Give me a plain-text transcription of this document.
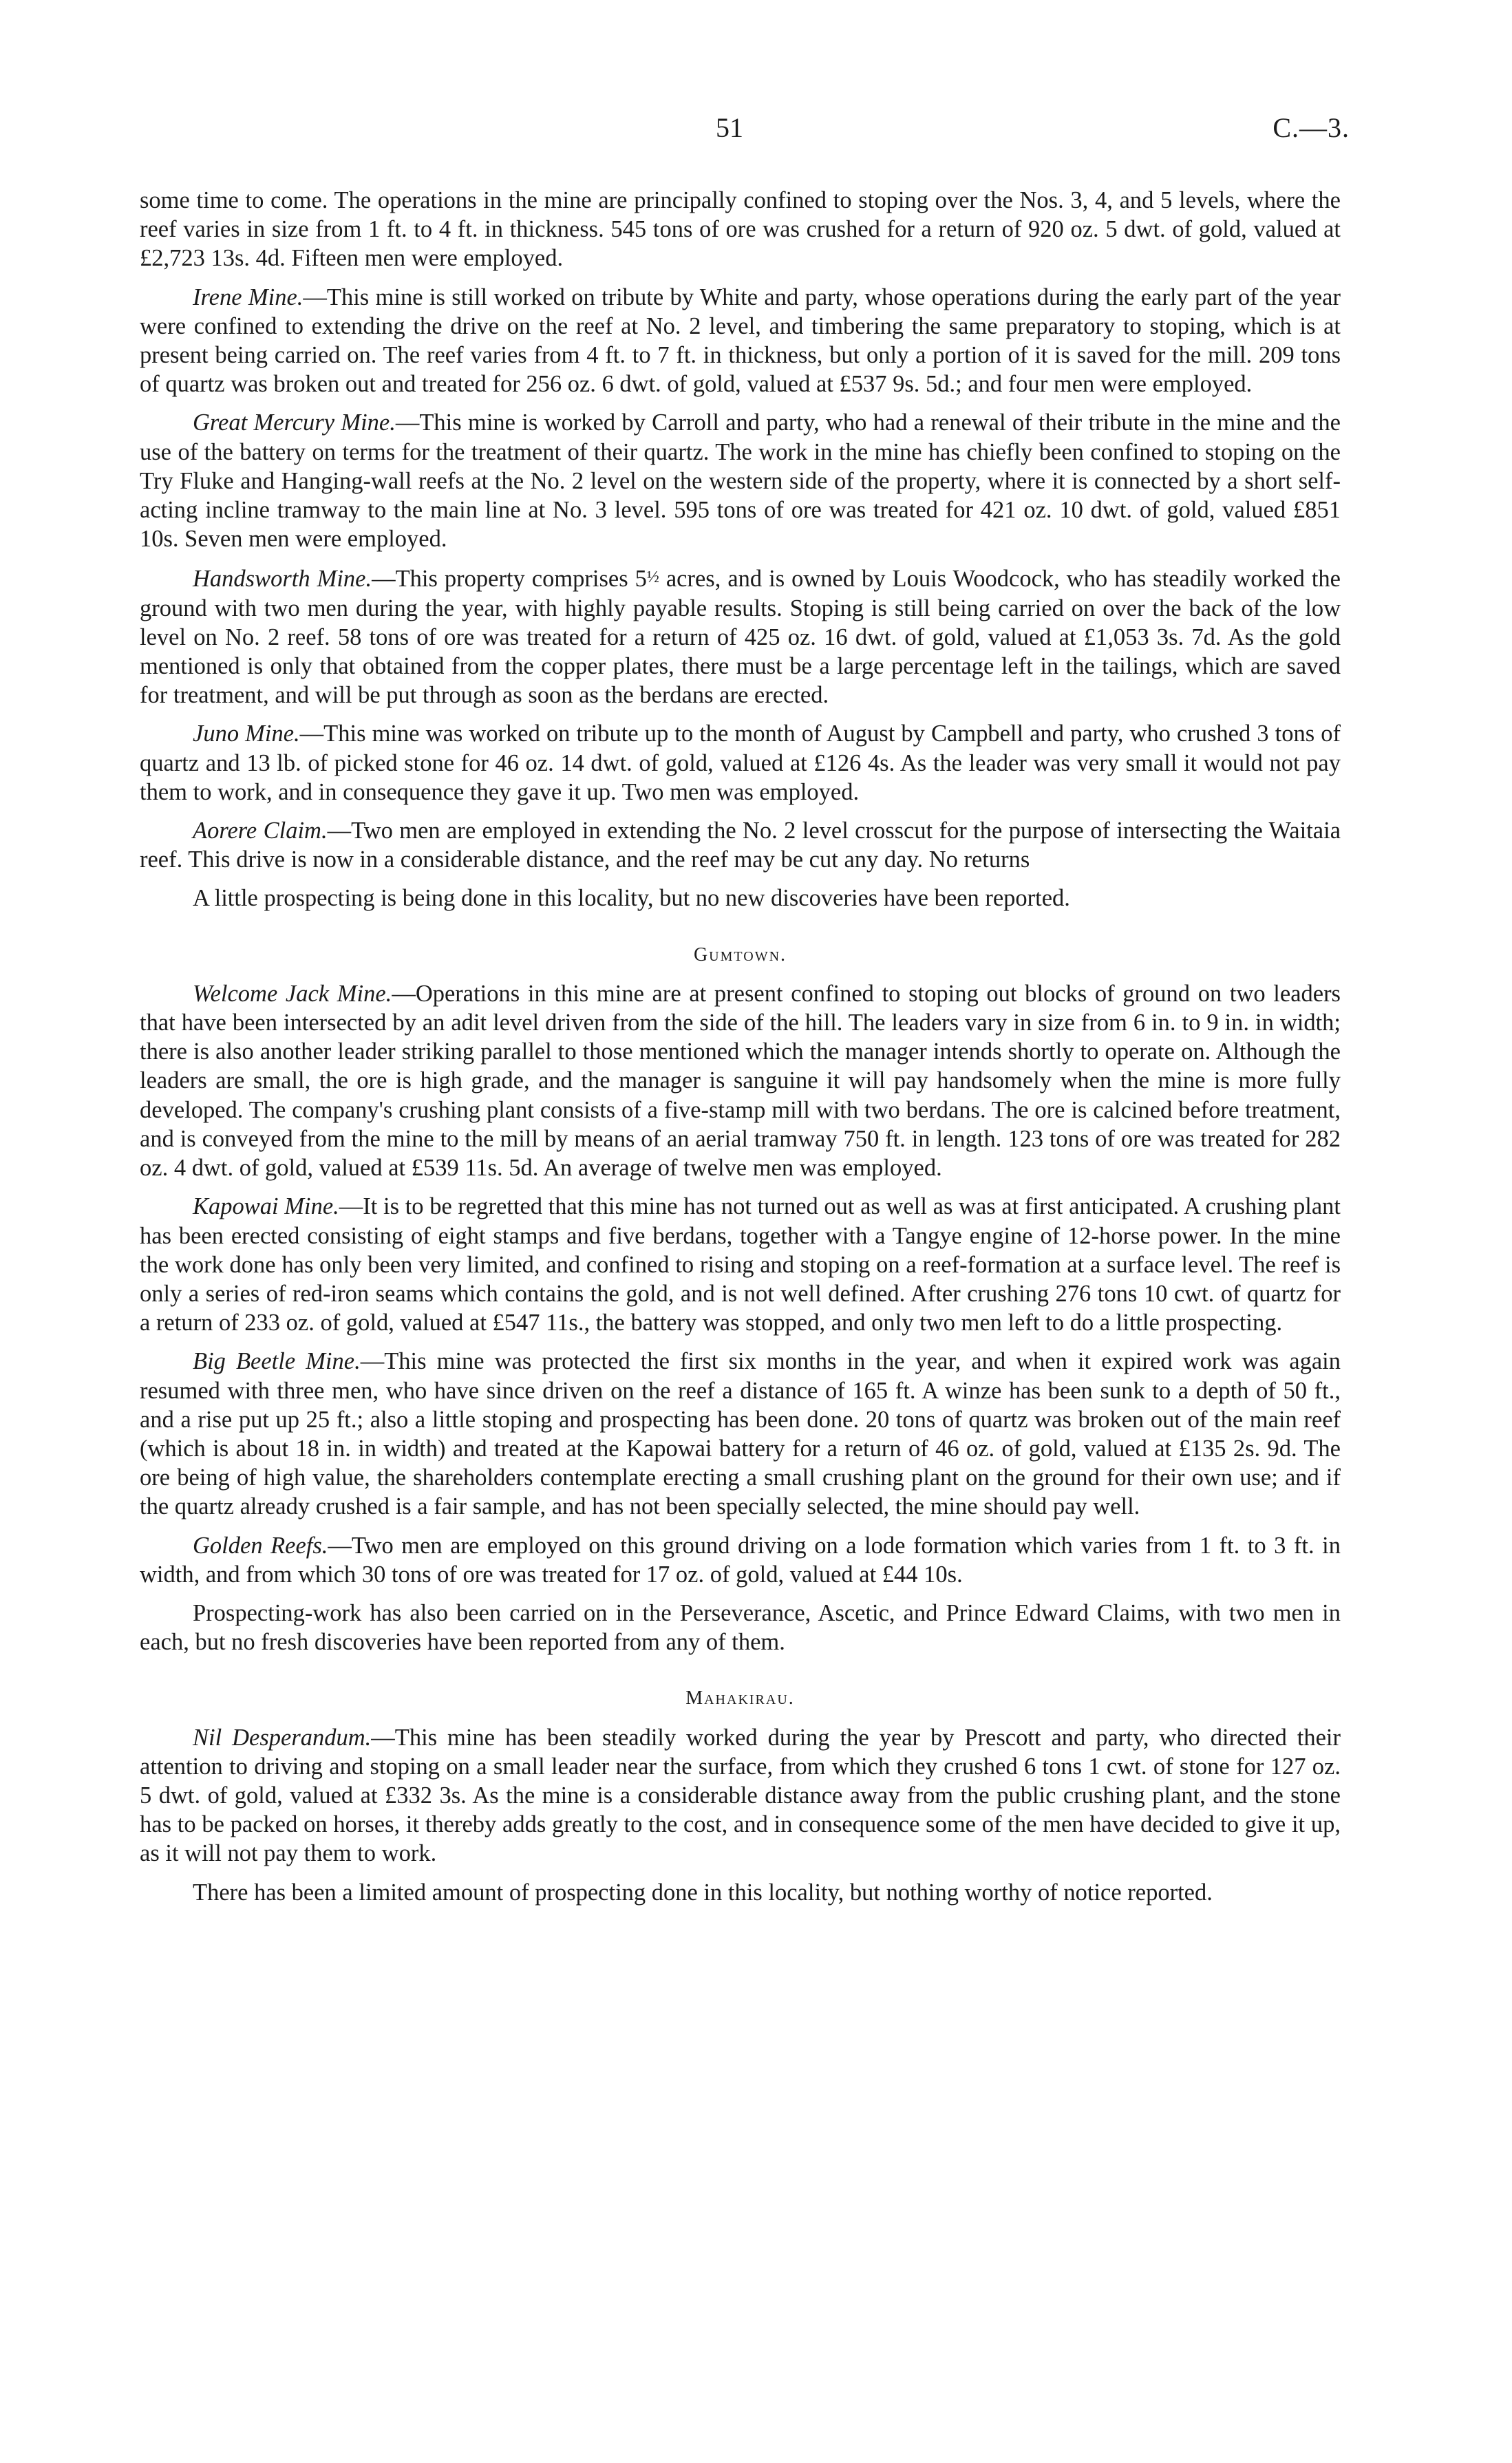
51	C.—3.

some time to come. The operations in the mine are principally confined to stoping over the Nos. 3, 4, and 5 levels, where the reef varies in size from 1 ft. to 4 ft. in thickness. 545 tons of ore was crushed for a return of 920 oz. 5 dwt. of gold, valued at £2,723 13s. 4d. Fifteen men were employed.

Irene Mine.—This mine is still worked on tribute by White and party, whose operations during the early part of the year were confined to extending the drive on the reef at No. 2 level, and timbering the same preparatory to stoping, which is at present being carried on. The reef varies from 4 ft. to 7 ft. in thickness, but only a portion of it is saved for the mill. 209 tons of quartz was broken out and treated for 256 oz. 6 dwt. of gold, valued at £537 9s. 5d.; and four men were employed.

Great Mercury Mine.—This mine is worked by Carroll and party, who had a renewal of their tribute in the mine and the use of the battery on terms for the treatment of their quartz. The work in the mine has chiefly been confined to stoping on the Try Fluke and Hanging-wall reefs at the No. 2 level on the western side of the property, where it is connected by a short self-acting incline tramway to the main line at No. 3 level. 595 tons of ore was treated for 421 oz. 10 dwt. of gold, valued £851 10s. Seven men were employed.

Handsworth Mine.—This property comprises 5½ acres, and is owned by Louis Woodcock, who has steadily worked the ground with two men during the year, with highly payable results. Stoping is still being carried on over the back of the low level on No. 2 reef. 58 tons of ore was treated for a return of 425 oz. 16 dwt. of gold, valued at £1,053 3s. 7d. As the gold mentioned is only that obtained from the copper plates, there must be a large percentage left in the tailings, which are saved for treatment, and will be put through as soon as the berdans are erected.

Juno Mine.—This mine was worked on tribute up to the month of August by Campbell and party, who crushed 3 tons of quartz and 13 lb. of picked stone for 46 oz. 14 dwt. of gold, valued at £126 4s. As the leader was very small it would not pay them to work, and in consequence they gave it up. Two men was employed.

Aorere Claim.—Two men are employed in extending the No. 2 level crosscut for the purpose of intersecting the Waitaia reef. This drive is now in a considerable distance, and the reef may be cut any day. No returns

A little prospecting is being done in this locality, but no new discoveries have been reported.

Gumtown.

Welcome Jack Mine.—Operations in this mine are at present confined to stoping out blocks of ground on two leaders that have been intersected by an adit level driven from the side of the hill. The leaders vary in size from 6 in. to 9 in. in width; there is also another leader striking parallel to those mentioned which the manager intends shortly to operate on. Although the leaders are small, the ore is high grade, and the manager is sanguine it will pay handsomely when the mine is more fully developed. The company's crushing plant consists of a five-stamp mill with two berdans. The ore is calcined before treatment, and is conveyed from the mine to the mill by means of an aerial tramway 750 ft. in length. 123 tons of ore was treated for 282 oz. 4 dwt. of gold, valued at £539 11s. 5d. An average of twelve men was employed.

Kapowai Mine.—It is to be regretted that this mine has not turned out as well as was at first anticipated. A crushing plant has been erected consisting of eight stamps and five berdans, together with a Tangye engine of 12-horse power. In the mine the work done has only been very limited, and confined to rising and stoping on a reef-formation at a surface level. The reef is only a series of red-iron seams which contains the gold, and is not well defined. After crushing 276 tons 10 cwt. of quartz for a return of 233 oz. of gold, valued at £547 11s., the battery was stopped, and only two men left to do a little prospecting.

Big Beetle Mine.—This mine was protected the first six months in the year, and when it expired work was again resumed with three men, who have since driven on the reef a distance of 165 ft. A winze has been sunk to a depth of 50 ft., and a rise put up 25 ft.; also a little stoping and prospecting has been done. 20 tons of quartz was broken out of the main reef (which is about 18 in. in width) and treated at the Kapowai battery for a return of 46 oz. of gold, valued at £135 2s. 9d. The ore being of high value, the shareholders contemplate erecting a small crushing plant on the ground for their own use; and if the quartz already crushed is a fair sample, and has not been specially selected, the mine should pay well.

Golden Reefs.—Two men are employed on this ground driving on a lode formation which varies from 1 ft. to 3 ft. in width, and from which 30 tons of ore was treated for 17 oz. of gold, valued at £44 10s.

Prospecting-work has also been carried on in the Perseverance, Ascetic, and Prince Edward Claims, with two men in each, but no fresh discoveries have been reported from any of them.

Mahakirau.

Nil Desperandum.—This mine has been steadily worked during the year by Prescott and party, who directed their attention to driving and stoping on a small leader near the surface, from which they crushed 6 tons 1 cwt. of stone for 127 oz. 5 dwt. of gold, valued at £332 3s. As the mine is a considerable distance away from the public crushing plant, and the stone has to be packed on horses, it thereby adds greatly to the cost, and in consequence some of the men have decided to give it up, as it will not pay them to work.

There has been a limited amount of prospecting done in this locality, but nothing worthy of notice reported.
